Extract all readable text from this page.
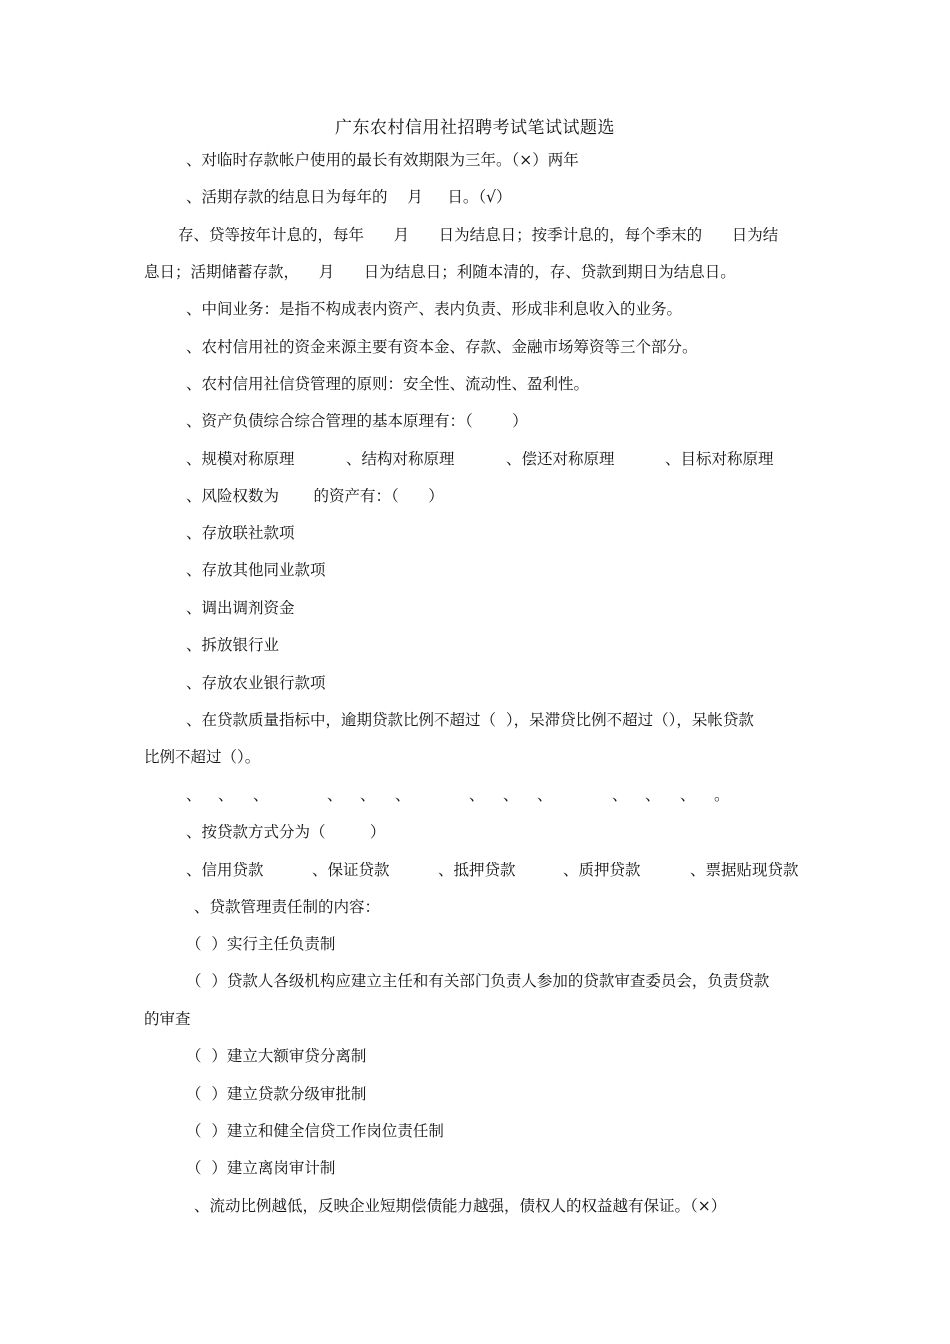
广东农村信用社招聘考试笔试试题选
、对临时存款帐户使用的最长有效期限为三年。（×）两年
、活期存款的结息日为每年的    月     日。（√）
存、贷等按年计息的，每年      月      日为结息日；按季计息的，每个季末的      日为结
息日；活期储蓄存款，    月      日为结息日；利随本清的，存、贷款到期日为结息日。
、中间业务：是指不构成表内资产、表内负责、形成非利息收入的业务。
、农村信用社的资金来源主要有资本金、存款、金融市场筹资等三个部分。
、农村信用社信贷管理的原则：安全性、流动性、盈利性。
、资产负债综合综合管理的基本原理有：（        ）

、规模对称原理

	、结构对称原理

	、偿还对称原理

	、目标对称原理

、风险权数为       的资产有：（      ）
、存放联社款项
、存放其他同业款项
、调出调剂资金
、拆放银行业
、存放农业银行款项
、在贷款质量指标中，逾期贷款比例不超过（  ），呆滞贷比例不超过（），呆帐贷款
比例不超过（）。

、

、

、

	、

、

、

	、

、

、

	、

、

、

。

、按贷款方式分为（         ）

、信用贷款

	、保证贷款

	、抵押贷款

	、质押贷款

	、票据贴现贷款

、贷款管理责任制的内容：
（  ）实行主任负责制
（  ）贷款人各级机构应建立主任和有关部门负责人参加的贷款审查委员会，负责贷款
的审查
（  ）建立大额审贷分离制
（  ）建立贷款分级审批制
（  ）建立和健全信贷工作岗位责任制
（  ）建立离岗审计制
、流动比例越低，反映企业短期偿债能力越强，债权人的权益越有保证。（×）
